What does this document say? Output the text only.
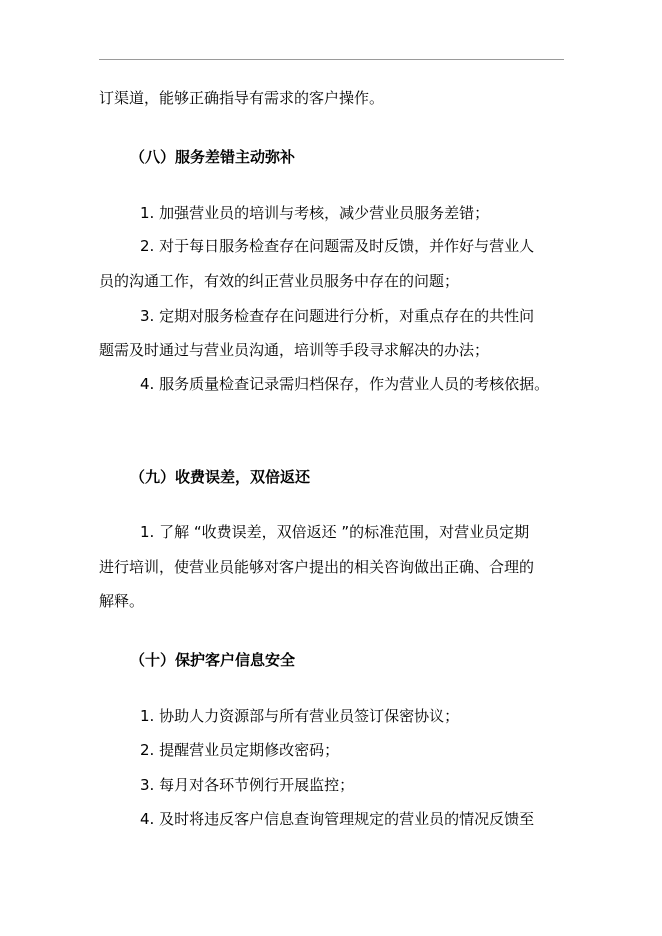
订渠道，能够正确指导有需求的客户操作。
（八）服务差错主动弥补
1. 加强营业员的培训与考核，减少营业员服务差错；
2. 对于每日服务检查存在问题需及时反馈，并作好与营业人
员的沟通工作，有效的纠正营业员服务中存在的问题；
3. 定期对服务检查存在问题进行分析，对重点存在的共性问
题需及时通过与营业员沟通，培训等手段寻求解决的办法；
4. 服务质量检查记录需归档保存，作为营业人员的考核依据。
（九）收费误差，双倍返还
1. 了解 “收费误差，双倍返还 ”的标准范围，对营业员定期
进行培训，使营业员能够对客户提出的相关咨询做出正确、合理的
解释。
（十）保护客户信息安全
1. 协助人力资源部与所有营业员签订保密协议；
2. 提醒营业员定期修改密码；
3. 每月对各环节例行开展监控；
4. 及时将违反客户信息查询管理规定的营业员的情况反馈至
